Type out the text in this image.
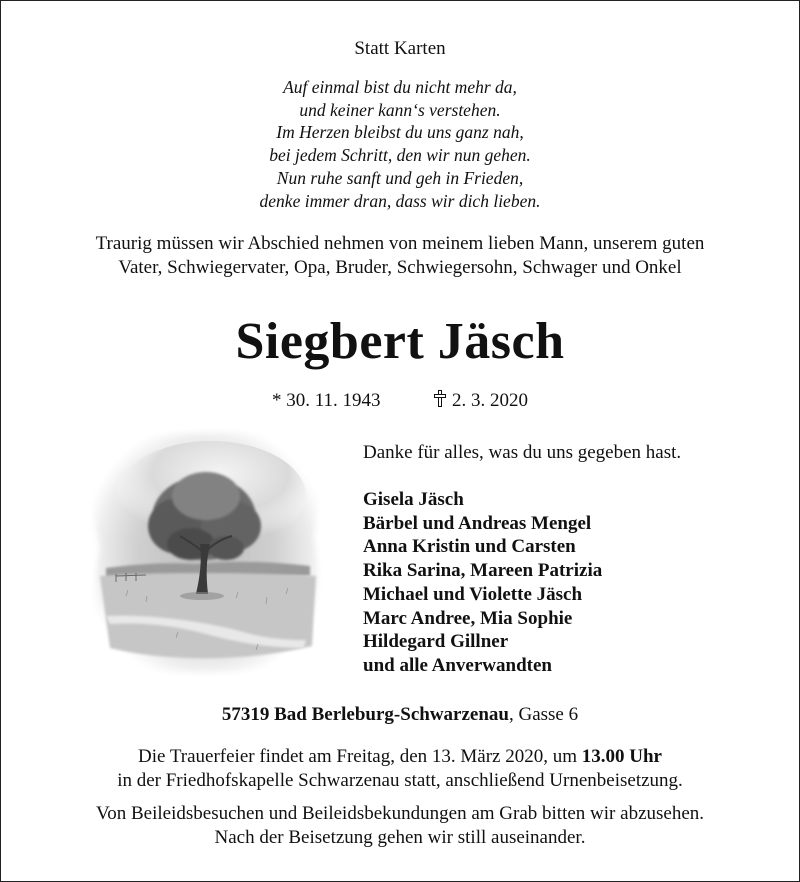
Statt Karten
Auf einmal bist du nicht mehr da,
und keiner kann‘s verstehen.
Im Herzen bleibst du uns ganz nah,
bei jedem Schritt, den wir nun gehen.
Nun ruhe sanft und geh in Frieden,
denke immer dran, dass wir dich lieben.
Traurig müssen wir Abschied nehmen von meinem lieben Mann, unserem guten
Vater, Schwiegervater, Opa, Bruder, Schwiegersohn, Schwager und Onkel
Siegbert Jäsch
* 30. 11. 1943	2. 3. 2020
Danke für alles, was du uns gegeben hast.
Gisela Jäsch
Bärbel und Andreas Mengel
Anna Kristin und Carsten
Rika Sarina, Mareen Patrizia
Michael und Violette Jäsch
Marc Andree, Mia Sophie
Hildegard Gillner
und alle Anverwandten
57319 Bad Berleburg-Schwarzenau, Gasse 6
Die Trauerfeier findet am Freitag, den 13. März 2020, um 13.00 Uhr
in der Friedhofskapelle Schwarzenau statt, anschließend Urnenbeisetzung.
Von Beileidsbesuchen und Beileidsbekundungen am Grab bitten wir abzusehen.
Nach der Beisetzung gehen wir still auseinander.
